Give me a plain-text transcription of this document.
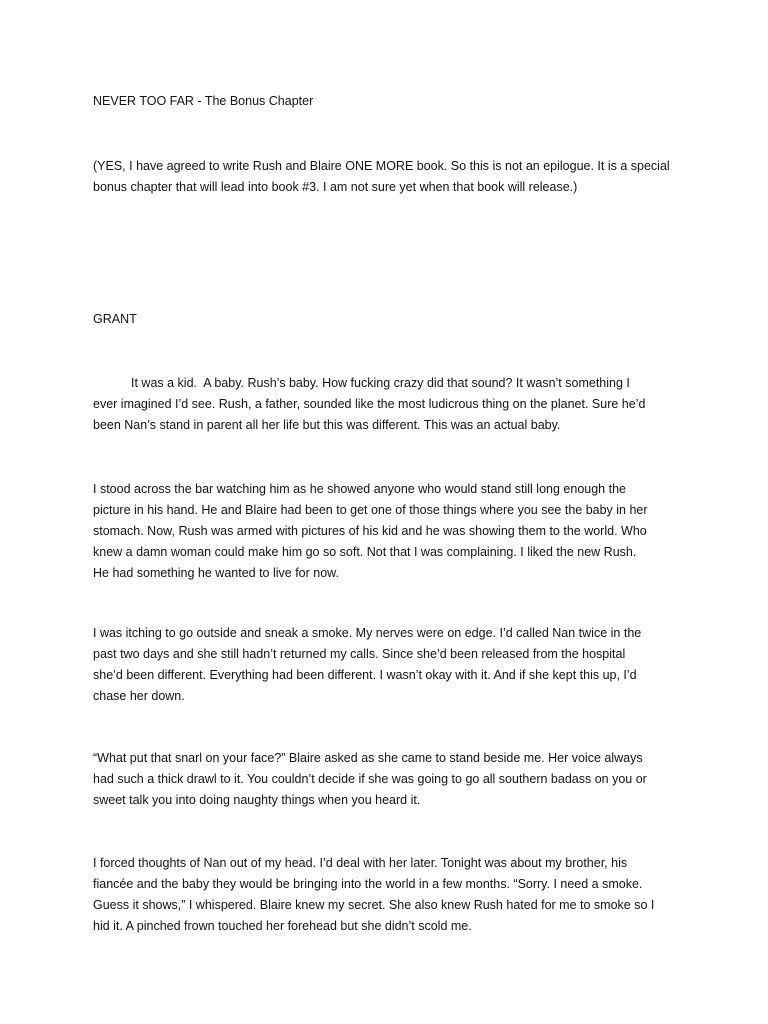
NEVER TOO FAR - The Bonus Chapter
(YES, I have agreed to write Rush and Blaire ONE MORE book. So this is not an epilogue. It is a special
bonus chapter that will lead into book #3. I am not sure yet when that book will release.)
GRANT
It was a kid.  A baby. Rush’s baby. How fucking crazy did that sound? It wasn’t something I
ever imagined I’d see. Rush, a father, sounded like the most ludicrous thing on the planet. Sure he’d
been Nan’s stand in parent all her life but this was different. This was an actual baby.
I stood across the bar watching him as he showed anyone who would stand still long enough the
picture in his hand. He and Blaire had been to get one of those things where you see the baby in her
stomach. Now, Rush was armed with pictures of his kid and he was showing them to the world. Who
knew a damn woman could make him go so soft. Not that I was complaining. I liked the new Rush.
He had something he wanted to live for now.
I was itching to go outside and sneak a smoke. My nerves were on edge. I’d called Nan twice in the
past two days and she still hadn’t returned my calls. Since she’d been released from the hospital
she’d been different. Everything had been different. I wasn’t okay with it. And if she kept this up, I’d
chase her down.
“What put that snarl on your face?” Blaire asked as she came to stand beside me. Her voice always
had such a thick drawl to it. You couldn’t decide if she was going to go all southern badass on you or
sweet talk you into doing naughty things when you heard it.
I forced thoughts of Nan out of my head. I’d deal with her later. Tonight was about my brother, his
fiancée and the baby they would be bringing into the world in a few months. “Sorry. I need a smoke.
Guess it shows,” I whispered. Blaire knew my secret. She also knew Rush hated for me to smoke so I
hid it. A pinched frown touched her forehead but she didn’t scold me.
